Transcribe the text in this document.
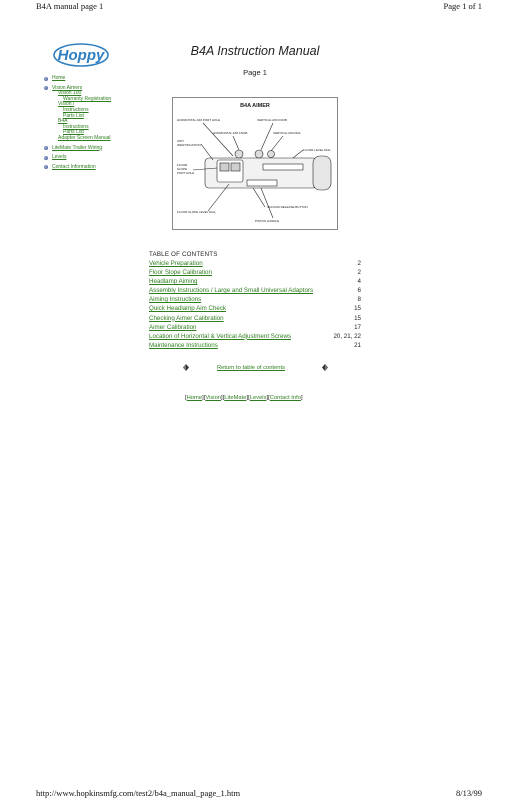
B4A manual page 1	Page 1 of 1
Hoppy
Home
Vision Aimers
Vision 100
Warranty Registration
Vision I
Instructions
Parts List
B4A
Instructions
Parts List
Adapter Screen Manual
LiteMate Trailer Wiring
Levels
Contact Information
B4A Instruction Manual
Page 1
B4A AIMER
HORIZONTAL AIM PORT HOLE	VERTICAL AIM KNOB
HORIZONTAL AIM KNOB	VERTICAL AIM DIAL
UNIT
IDENTIFICATION
FLOOR LEVEL DIAL
FLOOR
SLOPE
PORT HOLE
VACUUM RELEASE BUTTON
FLOOR SLOPE LEVEL DIAL
PISTON HANDLE
TABLE OF CONTENTS
Vehicle Preparation	2
Floor Slope Calibration	2
Headlamp Aiming	4
Assembly Instructions / Large and Small Universal Adaptors	6
Aiming Instructions	8
Quick Headlamp Aim Check	15
Checking Aimer Calibration	15
Aimer Calibration	17
Location of Horizontal & Vertical Adjustment Screws	20, 21, 22
Maintenance Instructions	21
Return to table of contents
[Home][Vision][LiteMate][Levels][Contact Info]
http://www.hopkinsmfg.com/test2/b4a_manual_page_1.htm	8/13/99
